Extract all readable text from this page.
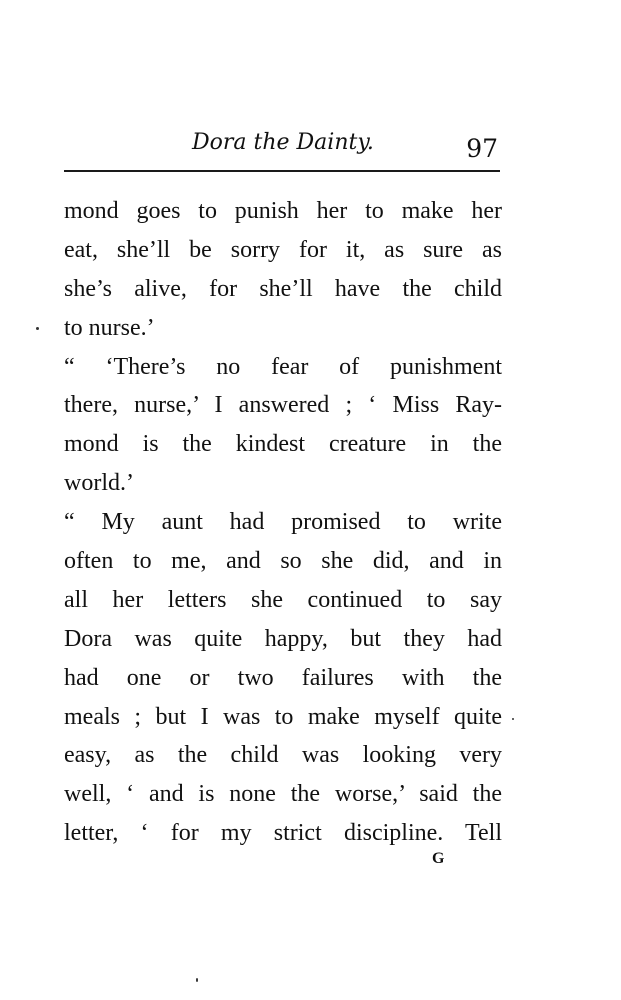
Dora the Dainty.	97
mond goes to punish her to make her
eat, she’ll be sorry for it, as sure as
she’s alive, for she’ll have the child
to nurse.’
“ ‘There’s no fear of punishment
there, nurse,’ I answered ; ‘ Miss Ray-
mond is the kindest creature in the
world.’
“ My aunt had promised to write
often to me, and so she did, and in
all her letters she continued to say
Dora was quite happy, but they had
had one or two failures with the
meals ; but I was to make myself quite
easy, as the child was looking very
well, ‘ and is none the worse,’ said the
letter, ‘ for my strict discipline. Tell
G
